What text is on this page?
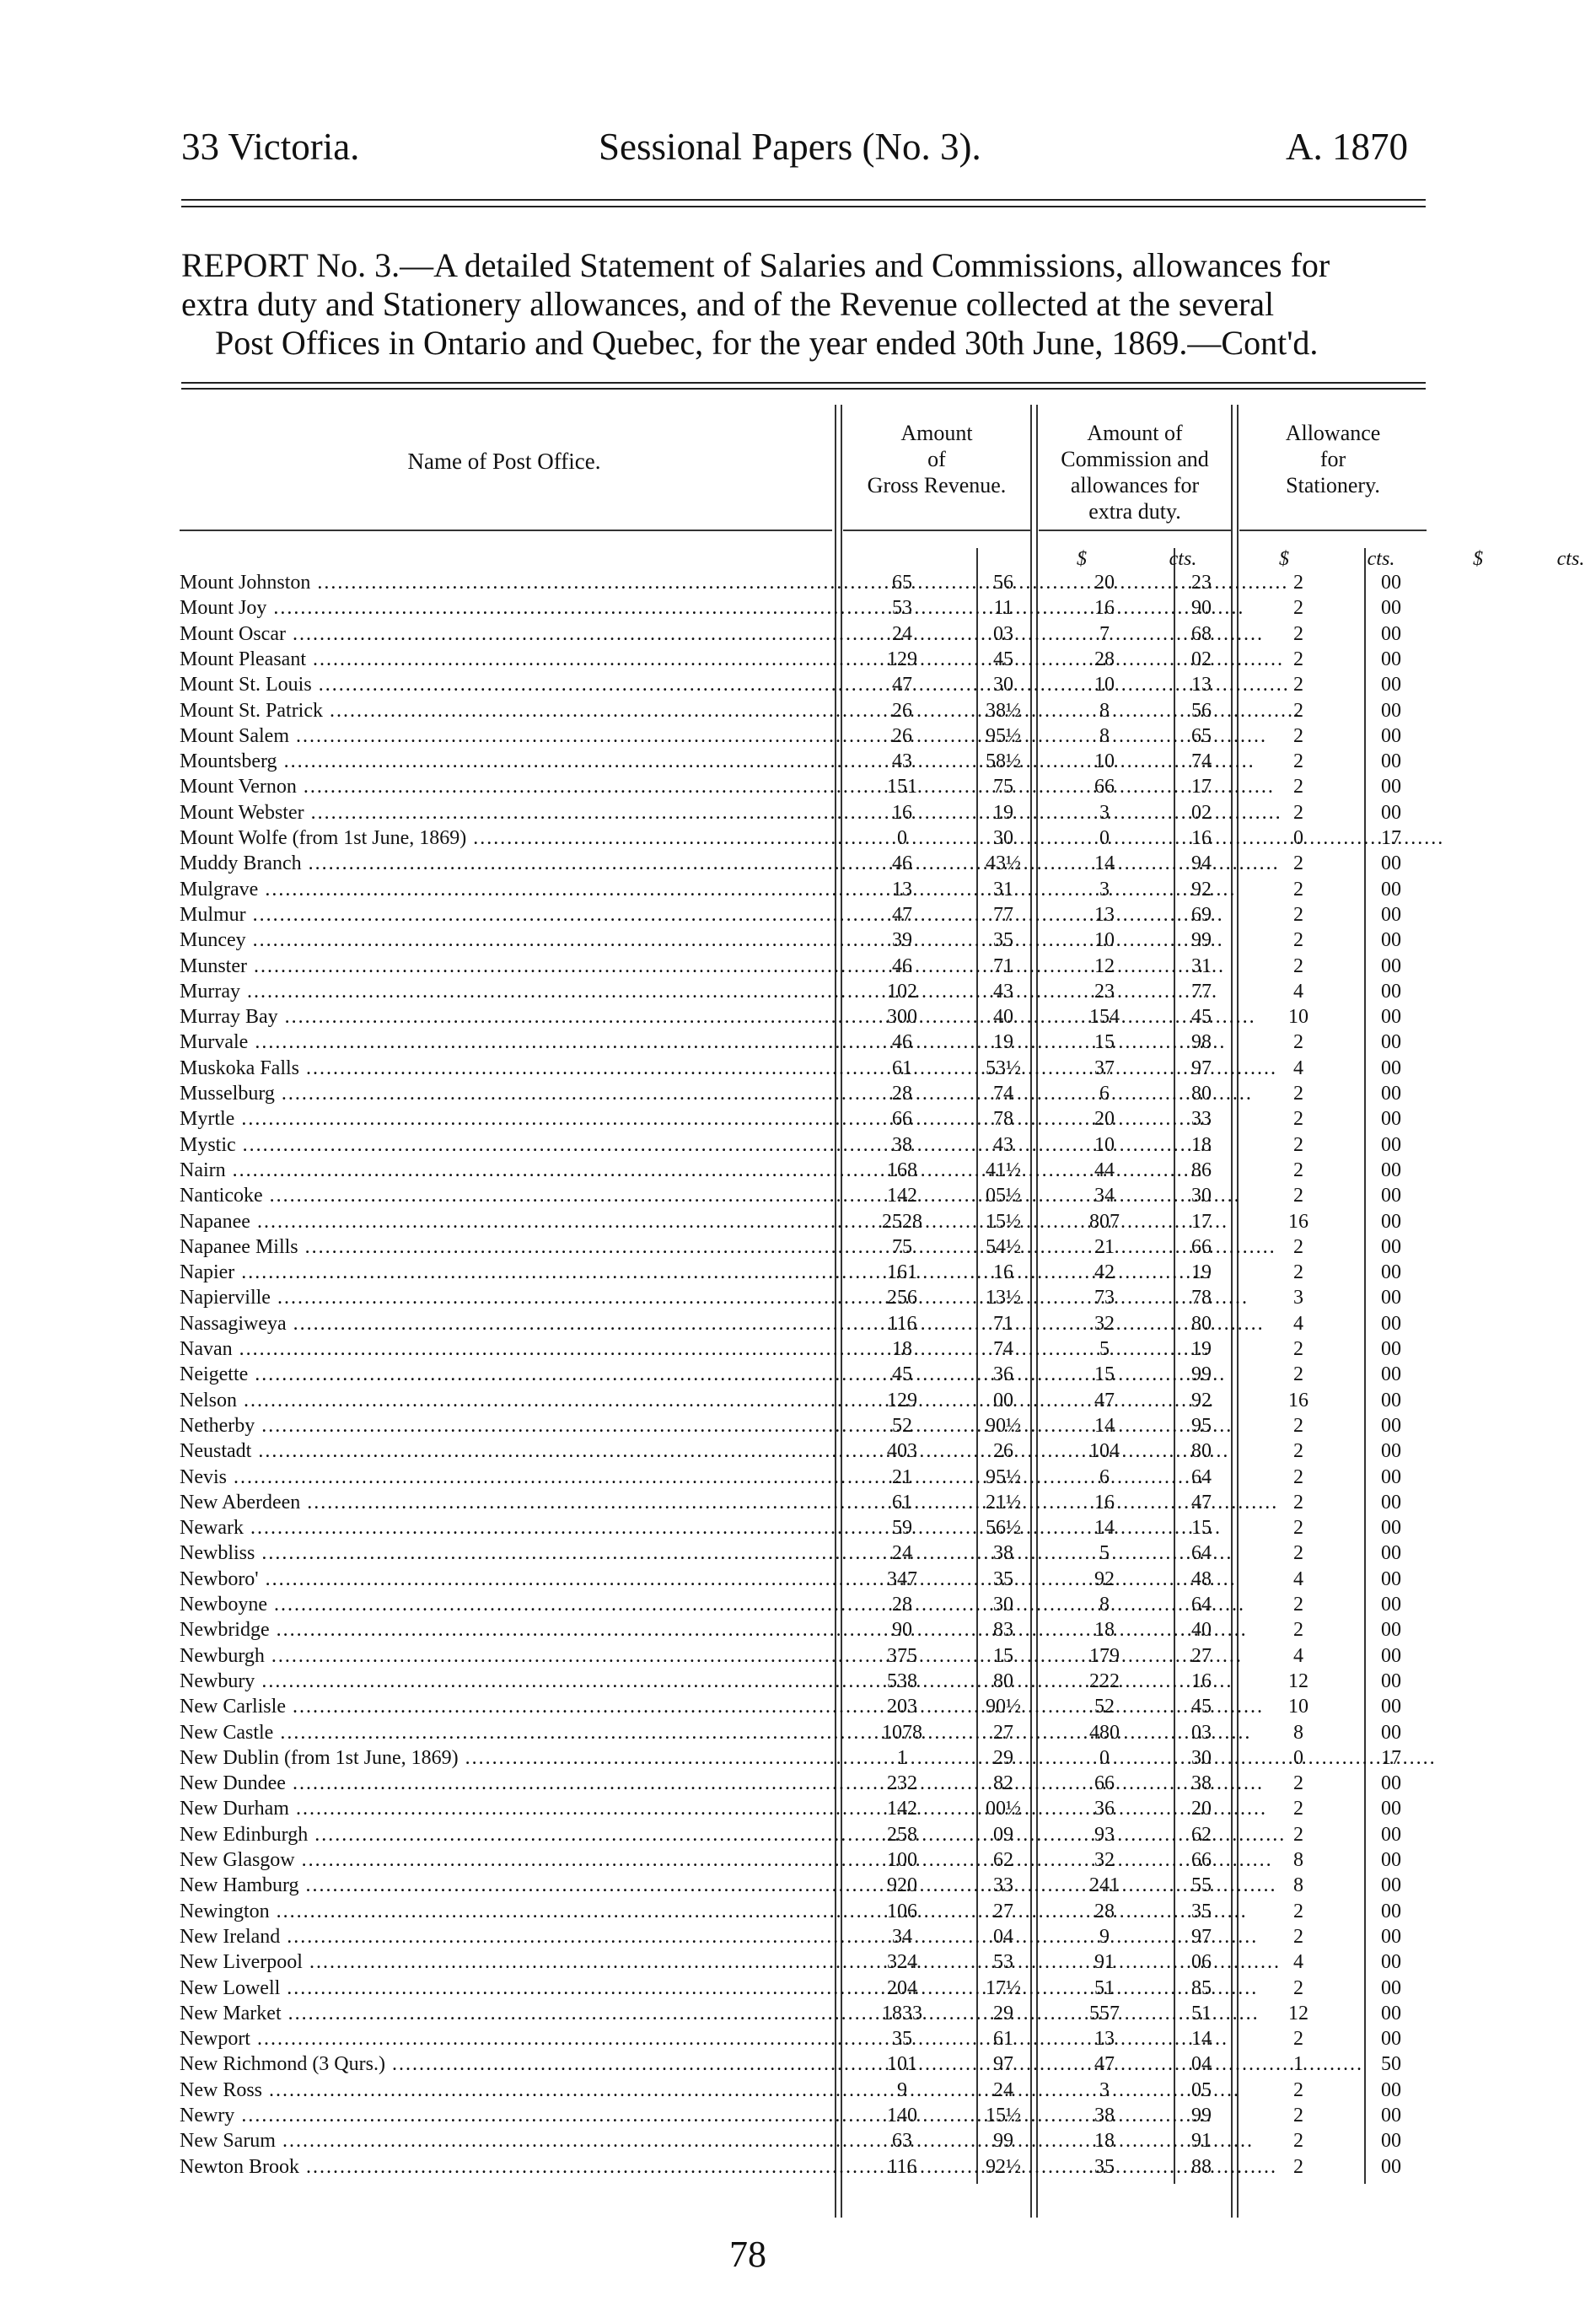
33 Victoria.	Sessional Papers (No. 3).	A. 1870

REPORT No. 3.—A detailed Statement of Salaries and Commissions, allowances for

extra duty and Stationery allowances, and of the Revenue collected at the several

Post Offices in Ontario and Quebec, for the year ended 30th June, 1869.—Cont'd.

Name of Post Office.
Amount
of
Gross Revenue.
Amount of
Commission and
allowances for
extra duty.
Allowance
for
Stationery.
$	cts.	$	cts.	$	cts.
Mount Johnston .....	65	56	20	23	2	00
Mount Joy .....	53	11	16	90	2	00
Mount Oscar .....	24	03	7	68	2	00
Mount Pleasant .....	129	45	28	02	2	00
Mount St. Louis .....	47	30	10	13	2	00
Mount St. Patrick .....	26	38½	8	56	2	00
Mount Salem .....	26	95½	8	65	2	00
Mountsberg .....	43	58½	10	74	2	00
Mount Vernon .....	151	75	66	17	2	00
Mount Webster .....	16	19	3	02	2	00
Mount Wolfe (from 1st June, 1869) .....	0	30	0	16	0	17
Muddy Branch .....	46	43½	14	94	2	00
Mulgrave .....	13	31	3	92	2	00
Mulmur .....	47	77	13	69	2	00
Muncey .....	39	35	10	99	2	00
Munster .....	46	71	12	31	2	00
Murray .....	102	43	23	77	4	00
Murray Bay .....	300	40	154	45	10	00
Murvale .....	46	19	15	98	2	00
Muskoka Falls .....	61	53½	37	97	4	00
Musselburg .....	28	74	6	80	2	00
Myrtle .....	66	78	20	33	2	00
Mystic .....	38	43	10	18	2	00
Nairn .....	168	41½	44	86	2	00
Nanticoke .....	142	05½	34	30	2	00
Napanee .....	2528	15½	807	17	16	00
Napanee Mills .....	75	54½	21	66	2	00
Napier .....	161	16	42	19	2	00
Napierville .....	256	13½	73	78	3	00
Nassagiweya .....	116	71	32	80	4	00
Navan .....	18	74	5	19	2	00
Neigette .....	45	36	15	99	2	00
Nelson .....	129	00	47	92	16	00
Netherby .....	52	90½	14	95	2	00
Neustadt .....	403	26	104	80	2	00
Nevis .....	21	95½	6	64	2	00
New Aberdeen .....	61	21½	16	47	2	00
Newark .....	59	56½	14	15	2	00
Newbliss .....	24	38	5	64	2	00
Newboro' .....	347	35	92	48	4	00
Newboyne .....	28	30	8	64	2	00
Newbridge .....	90	83	18	40	2	00
Newburgh .....	375	15	179	27	4	00
Newbury .....	538	80	222	16	12	00
New Carlisle .....	203	90½	52	45	10	00
New Castle .....	1078	27	480	03	8	00
New Dublin (from 1st June, 1869) .....	1	29	0	30	0	17
New Dundee .....	232	82	66	38	2	00
New Durham .....	142	00½	36	20	2	00
New Edinburgh .....	258	09	93	62	2	00
New Glasgow .....	100	62	32	66	8	00
New Hamburg .....	920	33	241	55	8	00
Newington .....	106	27	28	35	2	00
New Ireland .....	34	04	9	97	2	00
New Liverpool .....	324	53	91	06	4	00
New Lowell .....	204	17½	51	85	2	00
New Market .....	1833	29	557	51	12	00
Newport .....	35	61	13	14	2	00
New Richmond (3 Qurs.) .....	101	97	47	04	1	50
New Ross .....	9	24	3	05	2	00
Newry .....	140	15½	38	99	2	00
New Sarum .....	63	99	18	91	2	00
Newton Brook .....	116	92½	35	88	2	00
78
